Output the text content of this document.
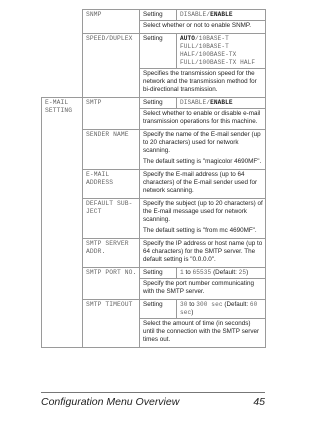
	SNMP	Setting	DISABLE/ENABLE

		Select whether or not to enable SNMP.	

	SPEED/DUPLEX	Setting	AUTO/10BASE-T FULL/10BASE-T HALF/100BASE-TX FULL/100BASE-TX HALF

		Specifies the transmission speed for the network and the transmission method for bi-directional transmission.	

E-MAIL SETTING	SMTP	Setting	DISABLE/ENABLE

		Select whether to enable or disable e-mail transmission operations for this machine.	

	SENDER NAME	Specify the name of the E-mail sender (up to 20 characters) used for network scanning.

The default setting is "magicolor 4690MF".	

	E-MAIL ADDRESS	Specify the E-mail address (up to 64 characters) of the E-mail sender used for network scanning.	

	DEFAULT SUB-JECT	Specify the subject (up to 20 characters) of the E-mail message used for network scanning.

The default setting is "from mc 4690MF".	

	SMTP SERVER ADDR.	Specify the IP address or host name (up to 64 characters) for the SMTP server. The default setting is "0.0.0.0".	

	SMTP PORT NO.	Setting	1 to 65535 (Default: 25)

		Specify the port number communicating with the SMTP server.	

	SMTP TIMEOUT	Setting	30 to 300 sec (Default: 60 sec)

		Select the amount of time (in seconds) until the connection with the SMTP server times out.	

Configuration Menu Overview	45
